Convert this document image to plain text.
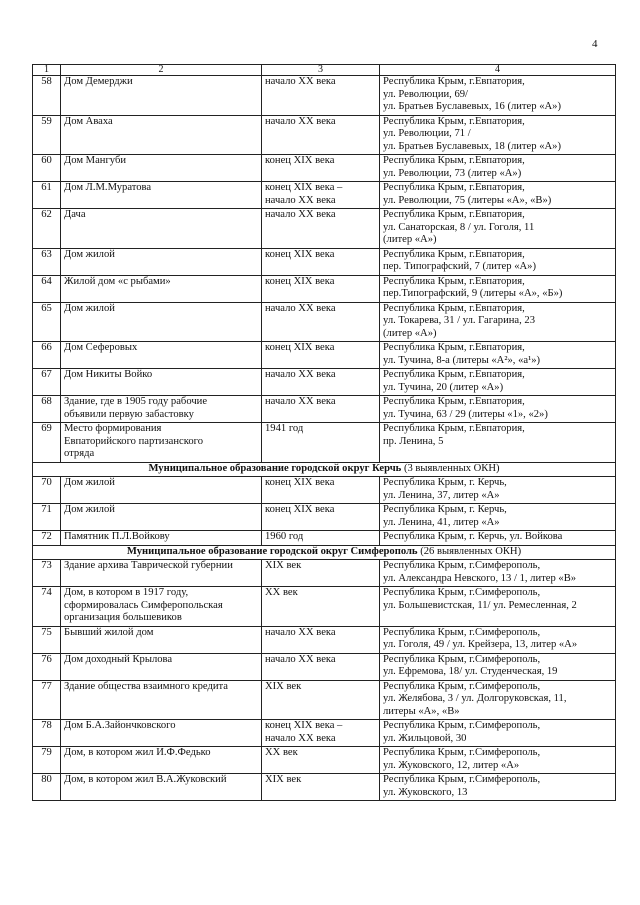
4
1	2	3	4
58	Дом Демерджи	начало XX века	Республика Крым, г.Евпатория,
ул. Революции, 69/
ул. Братьев Буславевых, 16 (литер «А»)

59	Дом Аваха	начало XX века	Республика Крым, г.Евпатория,
ул. Революции, 71 /
ул. Братьев Буславевых, 18 (литер «А»)

60	Дом Мангуби	конец XIX века	Республика Крым, г.Евпатория,
ул. Революции, 73 (литер «А»)

61	Дом Л.М.Муратова	конец XIX века –
начало XX века	Республика Крым, г.Евпатория,
ул. Революции, 75 (литеры «А», «В»)

62	Дача	начало XX века	Республика Крым, г.Евпатория,
ул. Санаторская, 8 / ул. Гоголя, 11
(литер «А»)

63	Дом жилой	конец XIX века	Республика Крым, г.Евпатория,
пер. Типографский, 7 (литер «А»)

64	Жилой дом «с рыбами»	конец XIX века	Республика Крым, г.Евпатория,
пер.Типографский, 9 (литеры «А», «Б»)

65	Дом жилой	начало XX века	Республика Крым, г.Евпатория,
ул. Токарева, 31 / ул. Гагарина, 23
(литер «А»)

66	Дом Сеферовых	конец XIX века	Республика Крым, г.Евпатория,
ул. Тучина, 8-а (литеры «А²», «а¹»)

67	Дом Никиты Войко	начало XX века	Республика Крым, г.Евпатория,
ул. Тучина, 20 (литер «А»)

68	Здание, где в 1905 году рабочие
объявили первую забастовку	начало XX века	Республика Крым, г.Евпатория,
ул. Тучина, 63 / 29 (литеры «1», «2»)

69	Место формирования
Евпаторийского партизанского
отряда	1941 год	Республика Крым, г.Евпатория,
пр. Ленина, 5

Муниципальное образование городской округ Керчь (3 выявленных ОКН)			
70	Дом жилой	конец XIX века	Республика Крым, г. Керчь,
ул. Ленина, 37, литер «А»

71	Дом жилой	конец XIX века	Республика Крым, г. Керчь,
ул. Ленина, 41, литер «А»

72	Памятник П.Л.Войкову	1960 год	Республика Крым, г. Керчь, ул. Войкова

Муниципальное образование городской округ Симферополь (26 выявленных ОКН)			
73	Здание архива Таврической губернии	XIX век	Республика Крым, г.Симферополь,
ул. Александра Невского, 13 / 1, литер «В»

74	Дом, в котором в 1917 году,
сформировалась Симферопольская
организация большевиков	XX век	Республика Крым, г.Симферополь,
ул. Большевистская, 11/ ул. Ремесленная, 2

75	Бывший жилой дом	начало XX века	Республика Крым, г.Симферополь,
ул. Гоголя, 49 / ул. Крейзера, 13, литер «А»

76	Дом доходный Крылова	начало XX века	Республика Крым, г.Симферополь,
ул. Ефремова, 18/ ул. Студенческая, 19

77	Здание общества взаимного кредита	XIX век	Республика Крым, г.Симферополь,
ул. Желябова, 3 / ул. Долгоруковская, 11,
литеры «А», «В»

78	Дом Б.А.Зайончковского	конец XIX века –
начало XX века	Республика Крым, г.Симферополь,
ул. Жильцовой, 30

79	Дом, в котором жил И.Ф.Федько	XX век	Республика Крым, г.Симферополь,
ул. Жуковского, 12, литер «А»

80	Дом, в котором жил В.А.Жуковский	XIX век	Республика Крым, г.Симферополь,
ул. Жуковского, 13
